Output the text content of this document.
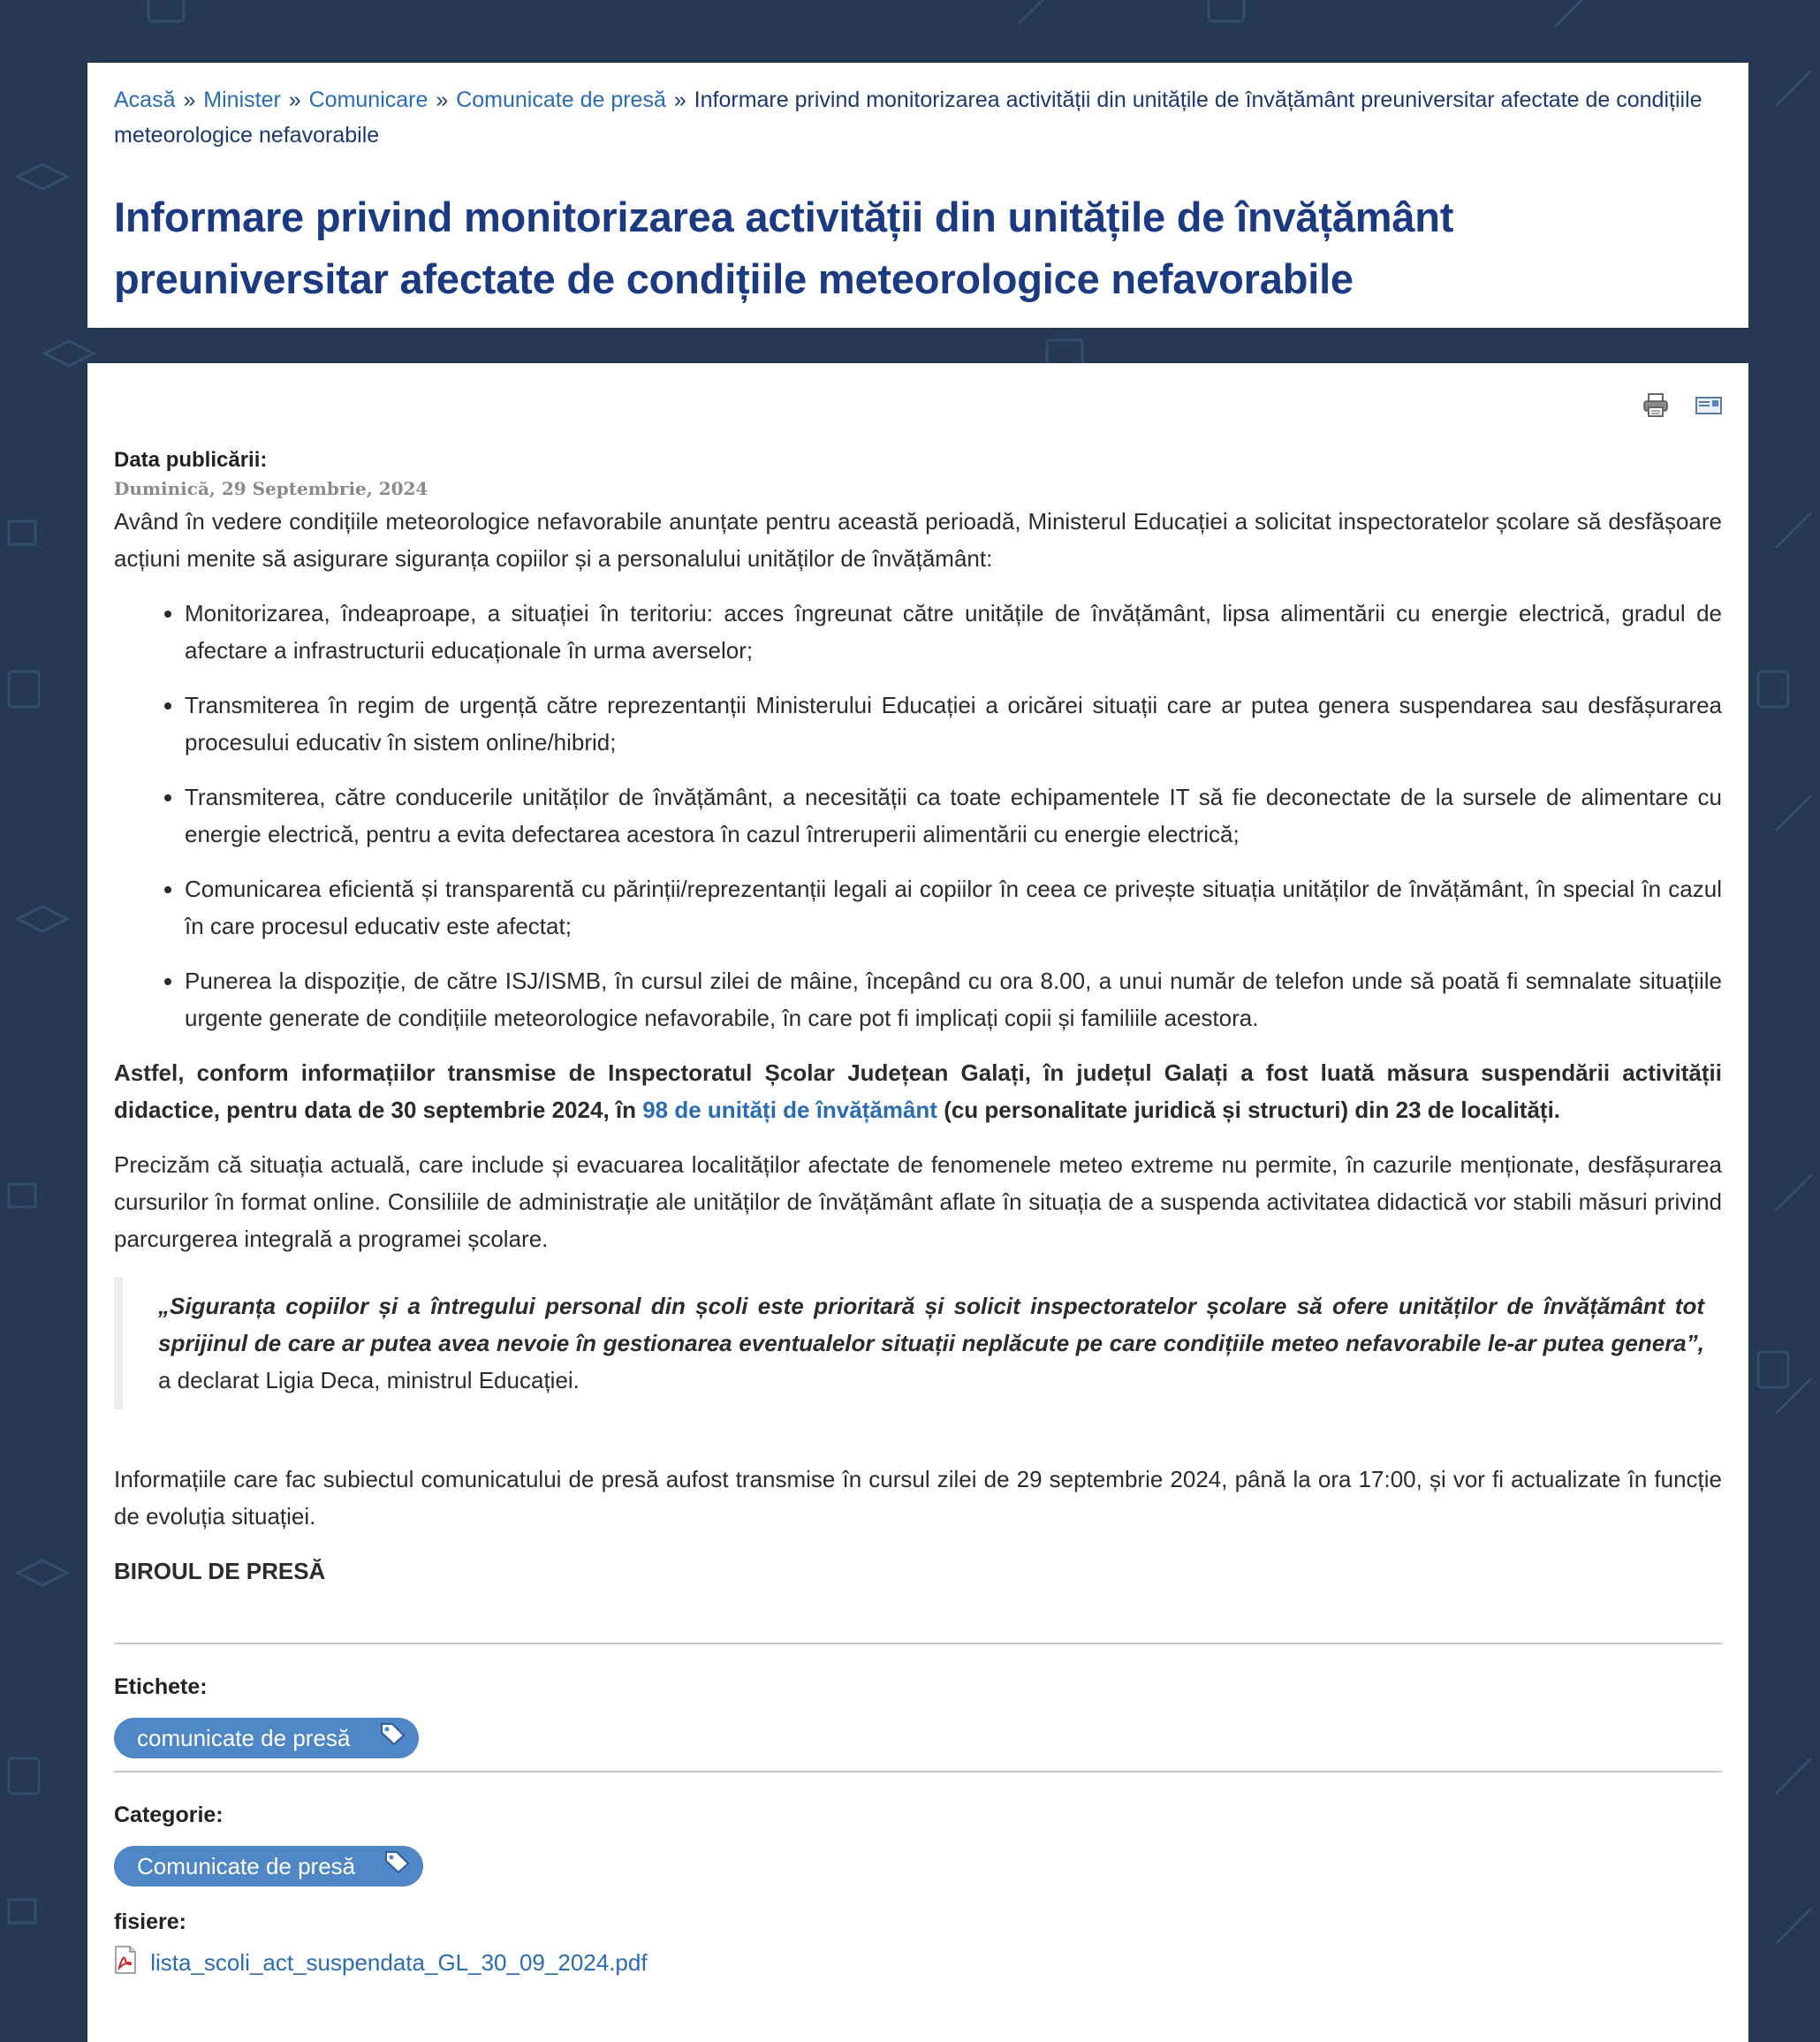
Acasă » Minister » Comunicare » Comunicate de presă » Informare privind monitorizarea activității din unitățile de învățământ preuniversitar afectate de condițiile meteorologice nefavorabile
Informare privind monitorizarea activității din unitățile de învățământ preuniversitar afectate de condițiile meteorologice nefavorabile

Data publicării:
Duminică, 29 Septembrie, 2024

Având în vedere condițiile meteorologice nefavorabile anunțate pentru această perioadă, Ministerul Educației a solicitat inspectoratelor școlare să desfășoare acțiuni menite să asigurare siguranța copiilor și a personalului unităților de învățământ:

• Monitorizarea, îndeaproape, a situației în teritoriu: acces îngreunat către unitățile de învățământ, lipsa alimentării cu energie electrică, gradul de afectare a infrastructurii educaționale în urma averselor;
• Transmiterea în regim de urgență către reprezentanții Ministerului Educației a oricărei situații care ar putea genera suspendarea sau desfășurarea procesului educativ în sistem online/hibrid;
• Transmiterea, către conducerile unităților de învățământ, a necesității ca toate echipamentele IT să fie deconectate de la sursele de alimentare cu energie electrică, pentru a evita defectarea acestora în cazul întreruperii alimentării cu energie electrică;
• Comunicarea eficientă și transparentă cu părinții/reprezentanții legali ai copiilor în ceea ce privește situația unităților de învățământ, în special în cazul în care procesul educativ este afectat;
• Punerea la dispoziție, de către ISJ/ISMB, în cursul zilei de mâine, începând cu ora 8.00, a unui număr de telefon unde să poată fi semnalate situațiile urgente generate de condițiile meteorologice nefavorabile, în care pot fi implicați copii și familiile acestora.

Astfel, conform informațiilor transmise de Inspectoratul Școlar Județean Galați, în județul Galați a fost luată măsura suspendării activității didactice, pentru data de 30 septembrie 2024, în 98 de unități de învățământ (cu personalitate juridică și structuri) din 23 de localități.

Precizăm că situația actuală, care include și evacuarea localităților afectate de fenomenele meteo extreme nu permite, în cazurile menționate, desfășurarea cursurilor în format online. Consiliile de administrație ale unităților de învățământ aflate în situația de a suspenda activitatea didactică vor stabili măsuri privind parcurgerea integrală a programei școlare.

„Siguranța copiilor și a întregului personal din școli este prioritară și solicit inspectoratelor școlare să ofere unităților de învățământ tot sprijinul de care ar putea avea nevoie în gestionarea eventualelor situații neplăcute pe care condițiile meteo nefavorabile le-ar putea genera”, a declarat Ligia Deca, ministrul Educației.

Informațiile care fac subiectul comunicatului de presă aufost transmise în cursul zilei de 29 septembrie 2024, până la ora 17:00, și vor fi actualizate în funcție de evoluția situației.

BIROUL DE PRESĂ
Etichete:
comunicate de presă
Categorie:
Comunicate de presă
fisiere:
lista_scoli_act_suspendata_GL_30_09_2024.pdf
